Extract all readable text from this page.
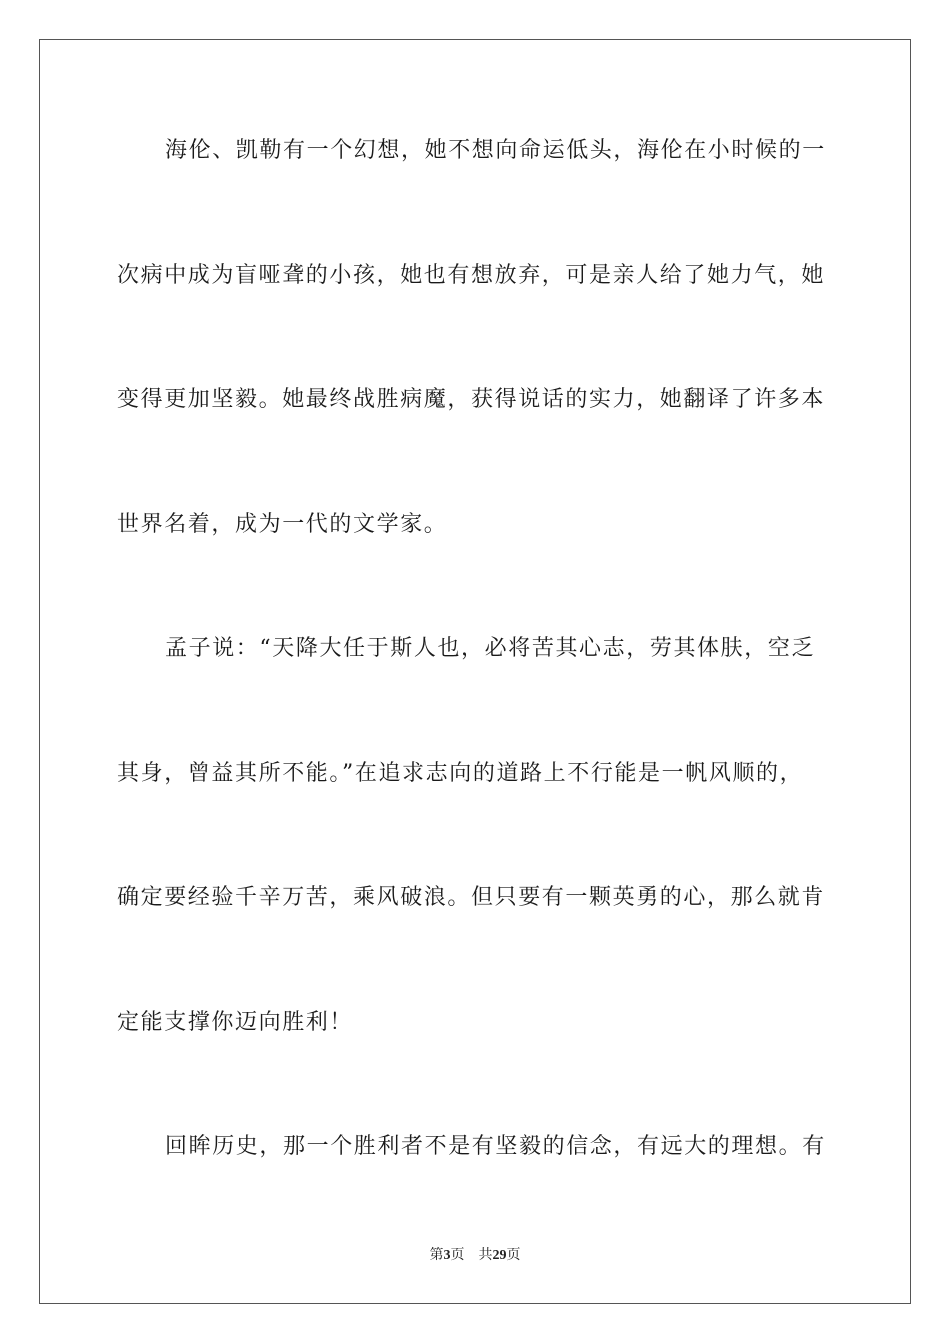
海伦、凯勒有一个幻想，她不想向命运低头，海伦在小时候的一
次病中成为盲哑聋的小孩，她也有想放弃，可是亲人给了她力气，她
变得更加坚毅。她最终战胜病魔，获得说话的实力，她翻译了许多本
世界名着，成为一代的文学家。
孟子说：“天降大任于斯人也，必将苦其心志，劳其体肤，空乏
其身，曾益其所不能。”在追求志向的道路上不行能是一帆风顺的，
确定要经验千辛万苦，乘风破浪。但只要有一颗英勇的心，那么就肯
定能支撑你迈向胜利！
回眸历史，那一个胜利者不是有坚毅的信念，有远大的理想。有
第3页 共29页
